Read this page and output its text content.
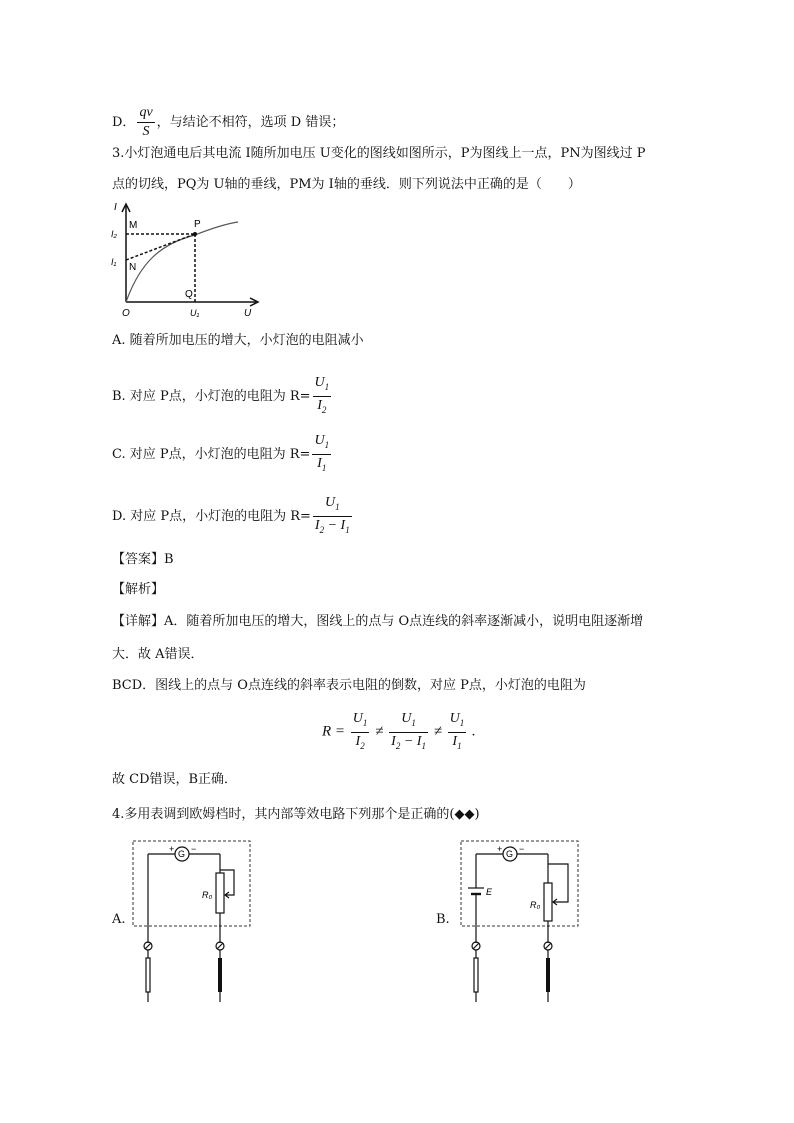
D． $\frac{qv}{S}$ ，与结论不相符，选项 D 错误；
3.小灯泡通电后其电流 I随所加电压 U变化的图线如图所示，P为图线上一点，PN为图线过 P
点的切线，PQ为 U轴的垂线，PM为 I轴的垂线．则下列说法中正确的是（　　）
I
I₂
I₁
M
N
P
Q
O	U₁	U
A. 随着所加电压的增大，小灯泡的电阻减小
B. 对应 P点，小灯泡的电阻为 $R= \frac{U_1}{I_2}$
C. 对应 P点，小灯泡的电阻为 $R= \frac{U_1}{I_1}$
D. 对应 P点，小灯泡的电阻为 $R= \frac{U_1}{I_2 - I_1}$
【答案】B
【解析】
【详解】A．随着所加电压的增大，图线上的点与 O点连线的斜率逐渐减小，说明电阻逐渐增
大．故 A错误．
BCD．图线上的点与 O点连线的斜率表示电阻的倒数，对应 P点，小灯泡的电阻为
$R = \frac{U_1}{I_2} \ne \frac{U_1}{I_2 - I_1} \ne \frac{U_1}{I_1}$ .
故 CD错误，B正确．
4.多用表调到欧姆档时，其内部等效电路下列那个是正确的(◆◆)
A.
G
+ −
R₀
B.
G
+ −
E
R₀
